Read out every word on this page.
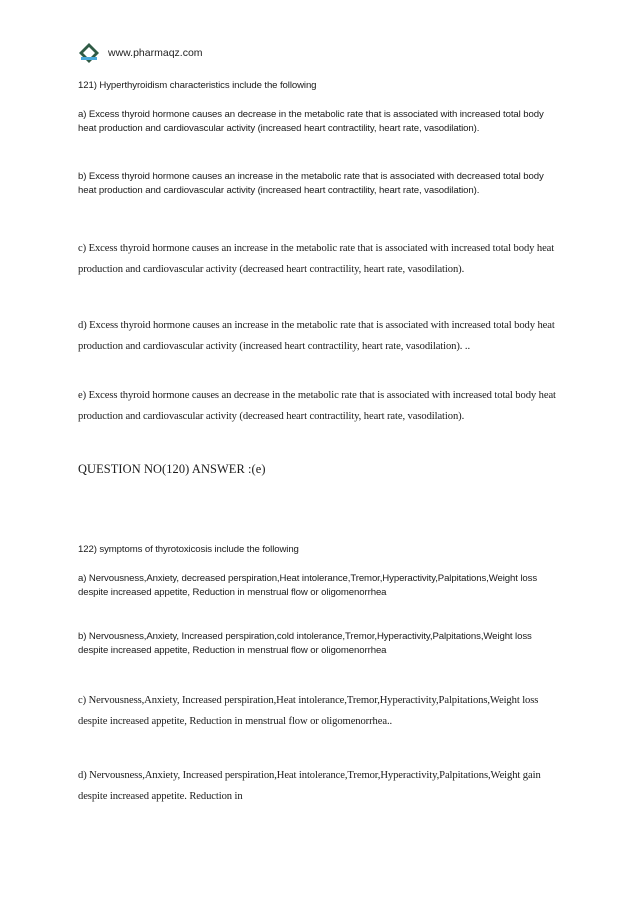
www.pharmaqz.com
121) Hyperthyroidism characteristics include the following
a) Excess thyroid hormone causes an decrease in the metabolic rate that is associated with increased total body heat production and cardiovascular activity (increased heart contractility, heart rate, vasodilation).
b) Excess thyroid hormone causes an increase in the metabolic rate that is associated with decreased total body heat production and cardiovascular activity (increased heart contractility, heart rate, vasodilation).
c) Excess thyroid hormone causes an increase in the metabolic rate that is associated with increased total body heat production and cardiovascular activity (decreased heart contractility, heart rate, vasodilation).
d) Excess thyroid hormone causes an increase in the metabolic rate that is associated with increased total body heat production and cardiovascular activity (increased heart contractility, heart rate, vasodilation). ..
e) Excess thyroid hormone causes an decrease in the metabolic rate that is associated with increased total body heat production and cardiovascular activity (decreased heart contractility, heart rate, vasodilation).
QUESTION NO(120) ANSWER :(e)
122) symptoms of thyrotoxicosis include the following
a) Nervousness,Anxiety, decreased perspiration,Heat intolerance,Tremor,Hyperactivity,Palpitations,Weight loss despite increased appetite, Reduction in menstrual flow or oligomenorrhea
b) Nervousness,Anxiety, Increased perspiration,cold intolerance,Tremor,Hyperactivity,Palpitations,Weight loss despite increased appetite, Reduction in menstrual flow or oligomenorrhea
c) Nervousness,Anxiety, Increased perspiration,Heat intolerance,Tremor,Hyperactivity,Palpitations,Weight loss despite increased appetite, Reduction in menstrual flow or oligomenorrhea..
d) Nervousness,Anxiety, Increased perspiration,Heat intolerance,Tremor,Hyperactivity,Palpitations,Weight gain despite increased appetite. Reduction in
